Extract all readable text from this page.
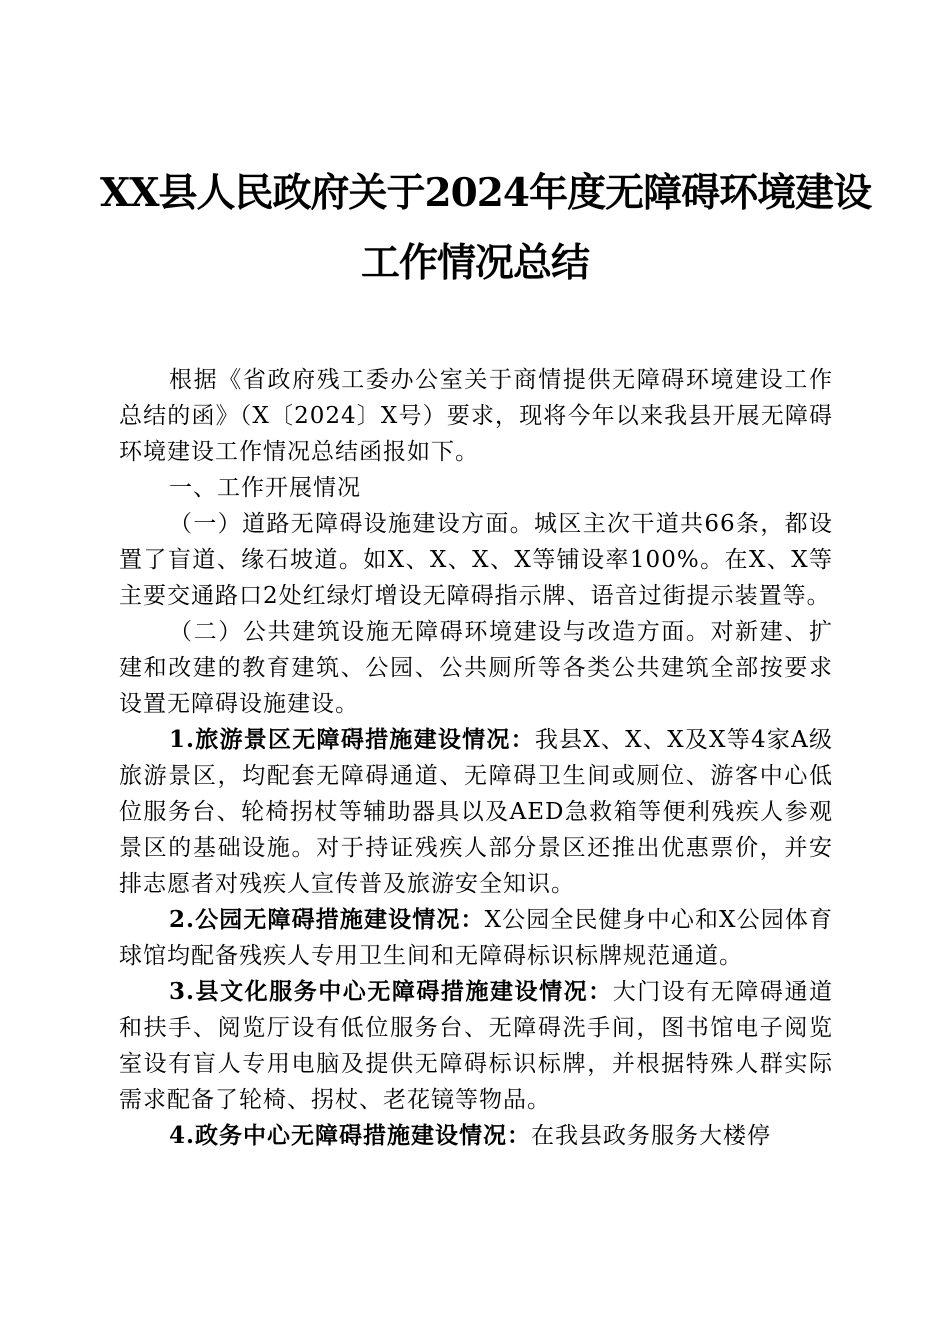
XX县人民政府关于2024年度无障碍环境建设
工作情况总结

根据《省政府残工委办公室关于商情提供无障碍环境建设工作总结的函》（X〔2024〕X号）要求，现将今年以来我县开展无障碍环境建设工作情况总结函报如下。

一、工作开展情况

（一）道路无障碍设施建设方面。城区主次干道共66条，都设置了盲道、缘石坡道。如X、X、X、X等铺设率100%。在X、X等主要交通路口2处红绿灯增设无障碍指示牌、语音过街提示装置等。

（二）公共建筑设施无障碍环境建设与改造方面。对新建、扩建和改建的教育建筑、公园、公共厕所等各类公共建筑全部按要求设置无障碍设施建设。

1.旅游景区无障碍措施建设情况：我县X、X、X及X等4家A级旅游景区，均配套无障碍通道、无障碍卫生间或厕位、游客中心低位服务台、轮椅拐杖等辅助器具以及AED急救箱等便利残疾人参观景区的基础设施。对于持证残疾人部分景区还推出优惠票价，并安排志愿者对残疾人宣传普及旅游安全知识。

2.公园无障碍措施建设情况：X公园全民健身中心和X公园体育球馆均配备残疾人专用卫生间和无障碍标识标牌规范通道。

3.县文化服务中心无障碍措施建设情况：大门设有无障碍通道和扶手、阅览厅设有低位服务台、无障碍洗手间，图书馆电子阅览室设有盲人专用电脑及提供无障碍标识标牌，并根据特殊人群实际需求配备了轮椅、拐杖、老花镜等物品。

4.政务中心无障碍措施建设情况：在我县政务服务大楼停
